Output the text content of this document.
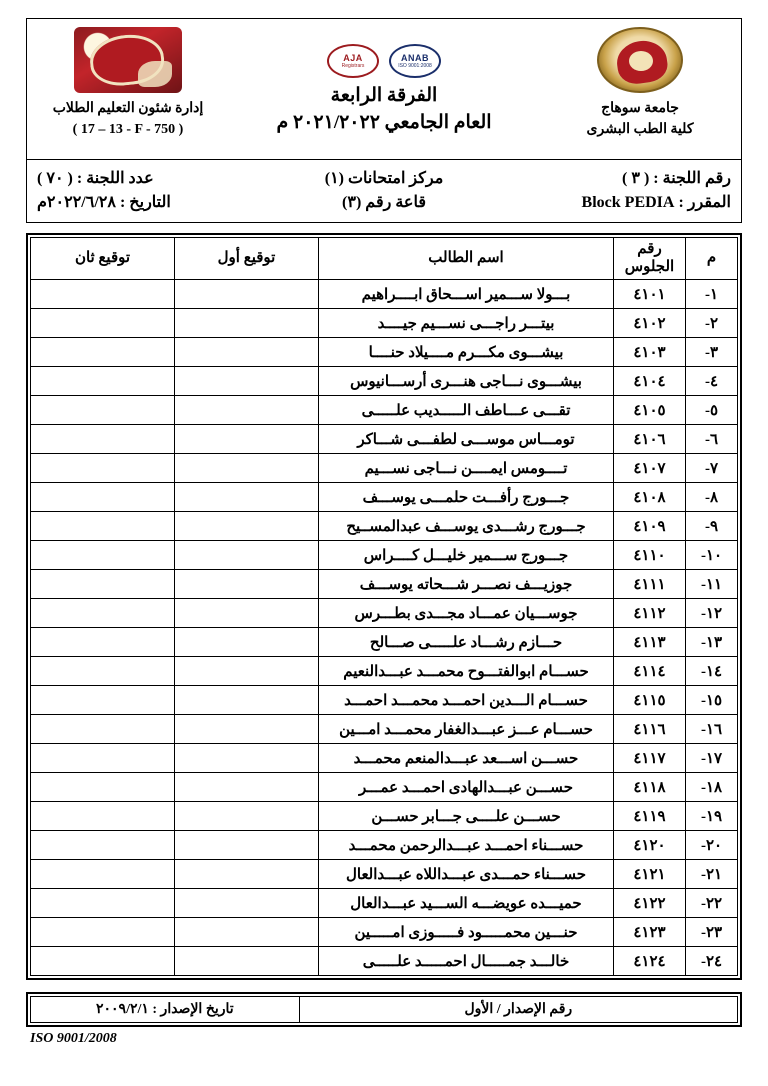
جامعة سوهاج
كلية الطب البشرى
ANAB
ISO 9001:2008
AJA
Registrars
الفرقة الرابعة
العام الجامعي ٢٠٢١/٢٠٢٢ م
إدارة شئون التعليم الطلاب
( 17 – 13 - F - 750 )
رقم اللجنة : ( ٣ )
مركز امتحانات (١)
عدد اللجنة : ( ٧٠ )
المقرر : Block PEDIA
قاعة رقم (٣)
التاريخ : ٢٠٢٢/٦/٢٨م
م	رقم الجلوس	اسم الطالب	توقيع أول	توقيع ثان
١-	٤١٠١	بـــولا ســـمير اســـحاق ابــــراهيم		
٢-	٤١٠٢	بيتـــر راجـــى نســـيم جيــــد		
٣-	٤١٠٣	بيشـــوى مكـــرم مــــيلاد حنــــا		
٤-	٤١٠٤	بيشـــوى نـــاجى هنـــرى أرســـانيوس		
٥-	٤١٠٥	تقـــى عـــاطف الـــــديب علـــــى		
٦-	٤١٠٦	تومـــاس موســـى لطفـــى شـــاكر		
٧-	٤١٠٧	تــــومس ايمــــن نـــاجى نســـيم		
٨-	٤١٠٨	جـــورج رأفـــت حلمـــى يوســـف		
٩-	٤١٠٩	جـــورج رشـــدى يوســـف عبدالمســيح		
١٠-	٤١١٠	جـــورج ســـمير خليـــل كــــراس		
١١-	٤١١١	جوزيـــف نصـــر شـــحاته يوســـف		
١٢-	٤١١٢	جوســـيان عمـــاد مجـــدى بطـــرس		
١٣-	٤١١٣	حـــازم رشـــاد علـــــى صـــالح		
١٤-	٤١١٤	حســـام ابوالفتـــوح محمـــد عبـــدالنعيم		
١٥-	٤١١٥	حســـام الـــدين احمـــد محمـــد احمـــد		
١٦-	٤١١٦	حســـام عـــز عبـــدالغفار محمـــد امـــين		
١٧-	٤١١٧	حســـن اســـعد عبـــدالمنعم محمـــد		
١٨-	٤١١٨	حســـن عبـــدالهادى احمـــد عمـــر		
١٩-	٤١١٩	حســـن علــــى جـــابر حســـن		
٢٠-	٤١٢٠	حســـناء احمـــد عبـــدالرحمن محمـــد		
٢١-	٤١٢١	حســـناء حمـــدى عبـــداللاه عبـــدالعال		
٢٢-	٤١٢٢	حميـــده عويضـــه الســـيد عبـــدالعال		
٢٣-	٤١٢٣	حنـــين محمـــــود فـــــوزى امـــــين		
٢٤-	٤١٢٤	خالـــد جمـــــال احمـــــد علـــــى		
رقم الإصدار / الأول	تاريخ الإصدار : ٢٠٠٩/٢/١
ISO 9001/2008
